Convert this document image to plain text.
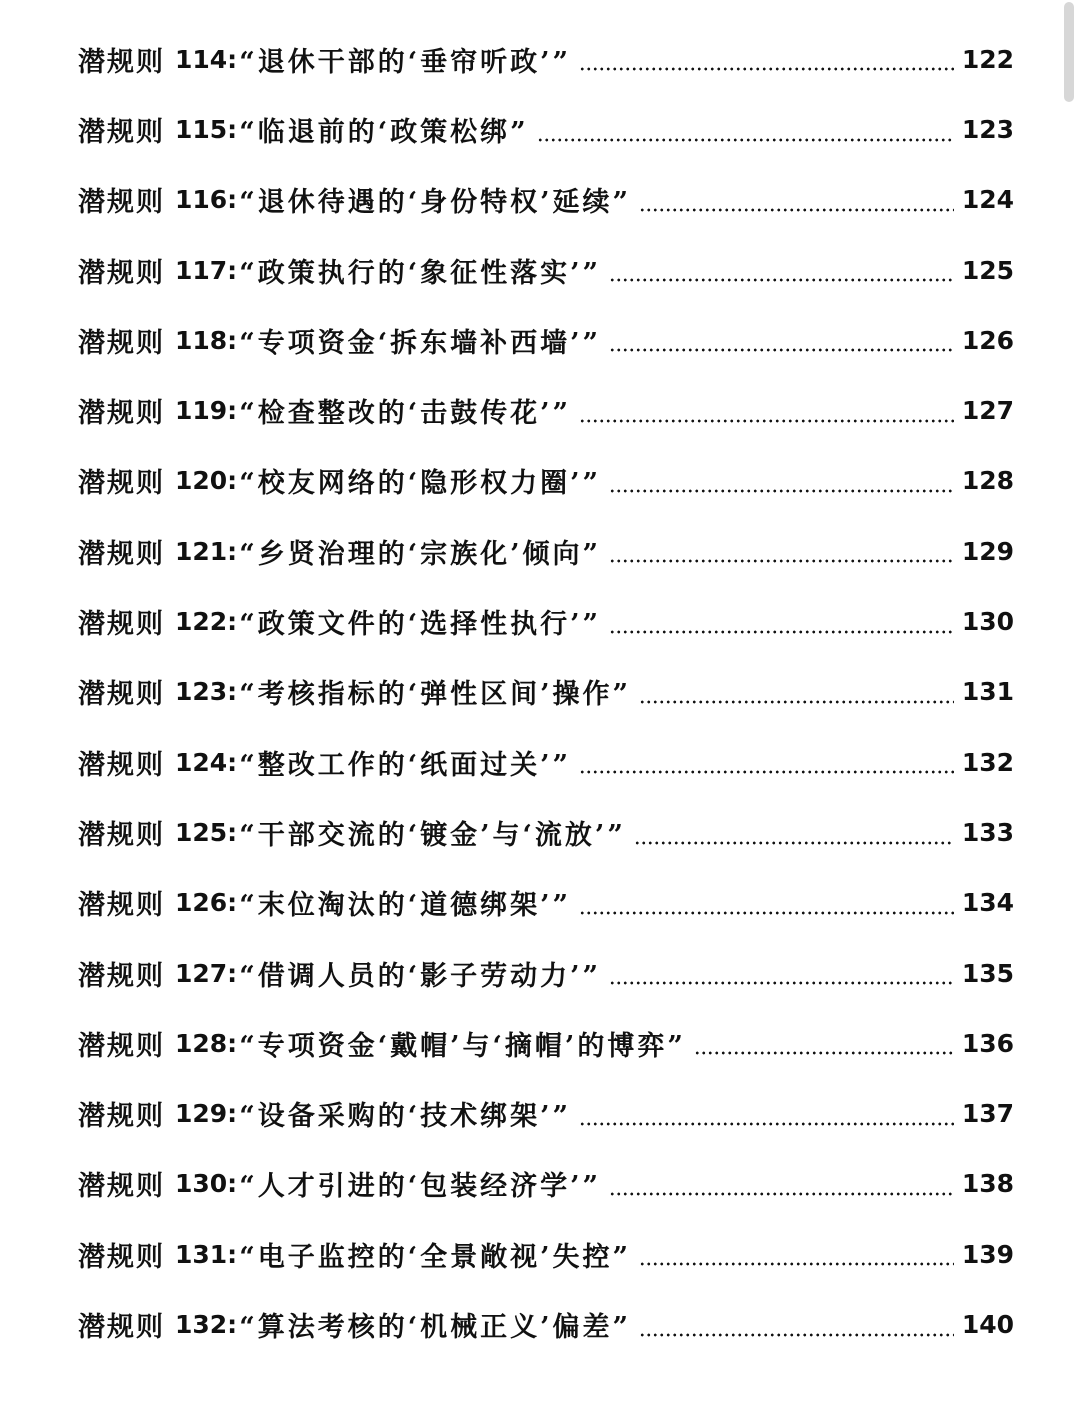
潜规则 114: “退休干部的‘垂帘听政’”	122
潜规则 115: “临退前的‘政策松绑”	123
潜规则 116: “退休待遇的‘身份特权’延续”	124
潜规则 117: “政策执行的‘象征性落实’”	125
潜规则 118: “专项资金‘拆东墙补西墙’”	126
潜规则 119: “检查整改的‘击鼓传花’”	127
潜规则 120: “校友网络的‘隐形权力圈’”	128
潜规则 121: “乡贤治理的‘宗族化’倾向”	129
潜规则 122: “政策文件的‘选择性执行’”	130
潜规则 123: “考核指标的‘弹性区间’操作”	131
潜规则 124: “整改工作的‘纸面过关’”	132
潜规则 125: “干部交流的‘镀金’与‘流放’”	133
潜规则 126: “末位淘汰的‘道德绑架’”	134
潜规则 127: “借调人员的‘影子劳动力’”	135
潜规则 128: “专项资金‘戴帽’与‘摘帽’的博弈”	136
潜规则 129: “设备采购的‘技术绑架’”	137
潜规则 130: “人才引进的‘包装经济学’”	138
潜规则 131: “电子监控的‘全景敞视’失控”	139
潜规则 132: “算法考核的‘机械正义’偏差”	140
